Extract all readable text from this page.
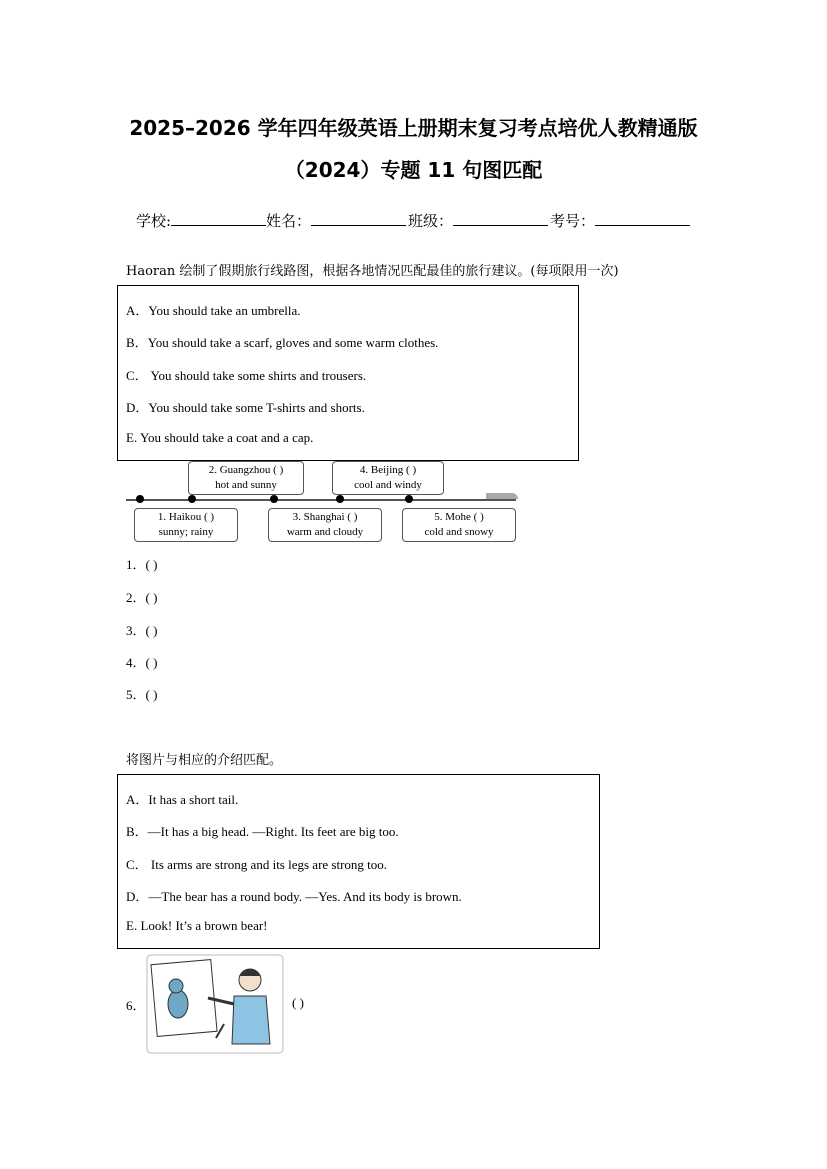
2025–2026 学年四年级英语上册期末复习考点培优人教精通版
（2024）专题 11 句图匹配
学校:	姓名：	班级：	考号：
Haoran 绘制了假期旅行线路图，根据各地情况匹配最佳的旅行建议。(每项限用一次)
A．You should take an umbrella.
B．You should take a scarf, gloves and some warm clothes.
C． You should take some shirts and trousers.
D．You should take some T-shirts and shorts.
E. You should take a coat and a cap.
1. Haikou ( )
sunny; rainy
2. Guangzhou ( )
hot and sunny
3. Shanghai ( )
warm and cloudy
4. Beijing ( )
cool and windy
5. Mohe ( )
cold and snowy
1．( )
2．( )
3．( )
4．( )
5．( )
将图片与相应的介绍匹配。
A．It has a short tail.
B．—It has a big head. —Right. Its feet are big too.
C． Its arms are strong and its legs are strong too.
D．—The bear has a round body. —Yes. And its body is brown.
E. Look! It’s a brown bear!
6．	( )
